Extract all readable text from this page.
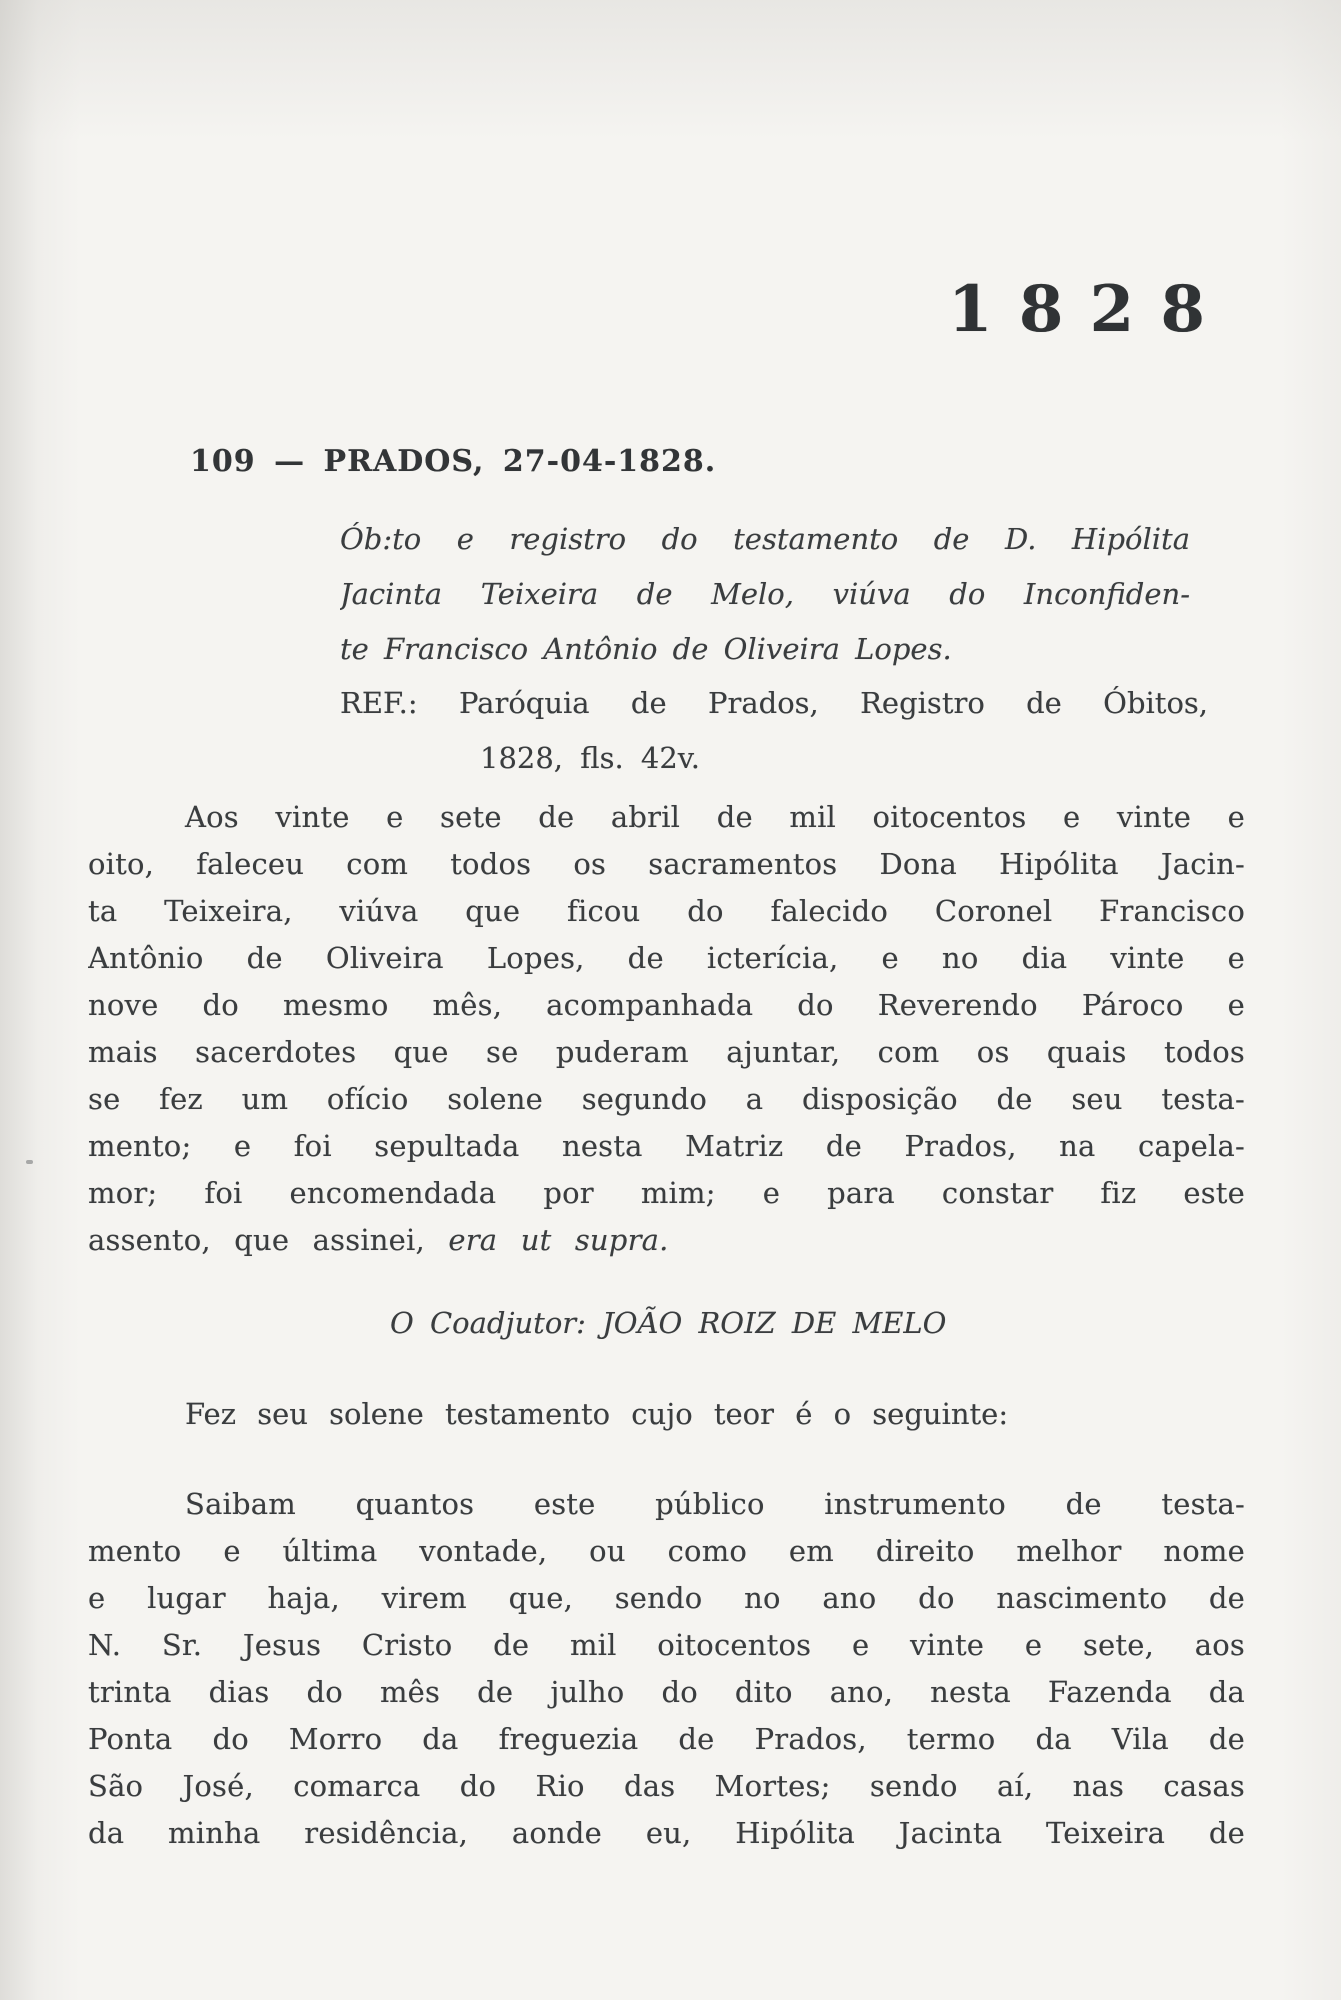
1 8 2 8
109 — PRADOS, 27-04-1828.
Ób:to e registro do testamento de D. Hipólita
Jacinta Teixeira de Melo, viúva do Inconfiden-
te Francisco Antônio de Oliveira Lopes.
REF.: Paróquia de Prados, Registro de Óbitos,
1828, fls. 42v.
Aos vinte e sete de abril de mil oitocentos e vinte e
oito, faleceu com todos os sacramentos Dona Hipólita Jacin-
ta Teixeira, viúva que ficou do falecido Coronel Francisco
Antônio de Oliveira Lopes, de icterícia, e no dia vinte e
nove do mesmo mês, acompanhada do Reverendo Pároco e
mais sacerdotes que se puderam ajuntar, com os quais todos
se fez um ofício solene segundo a disposição de seu testa-
mento; e foi sepultada nesta Matriz de Prados, na capela-
mor; foi encomendada por mim; e para constar fiz este
assento, que assinei, era ut supra.
O Coadjutor: JOÃO ROIZ DE MELO
Fez seu solene testamento cujo teor é o seguinte:
Saibam quantos este público instrumento de testa-
mento e última vontade, ou como em direito melhor nome
e lugar haja, virem que, sendo no ano do nascimento de
N. Sr. Jesus Cristo de mil oitocentos e vinte e sete, aos
trinta dias do mês de julho do dito ano, nesta Fazenda da
Ponta do Morro da freguezia de Prados, termo da Vila de
São José, comarca do Rio das Mortes; sendo aí, nas casas
da minha residência, aonde eu, Hipólita Jacinta Teixeira de
